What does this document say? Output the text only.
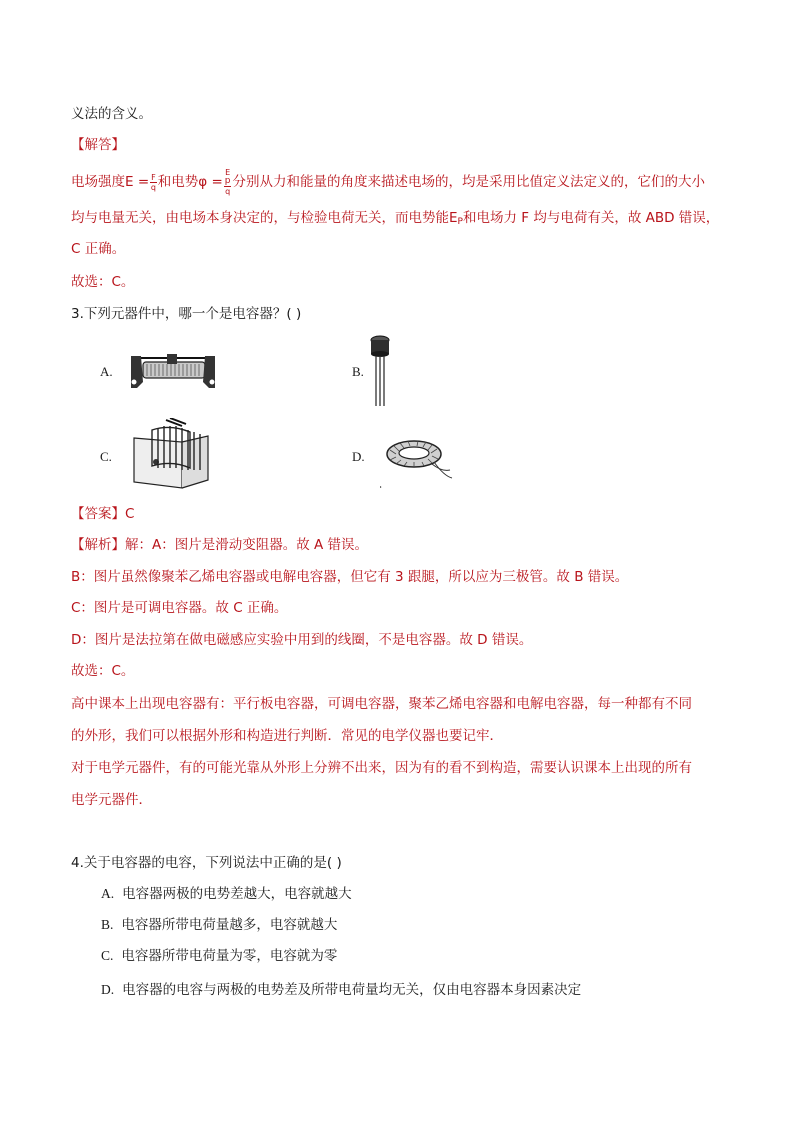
义法的含义。
【解答】
电场强度$E = \frac{F}{q}$ 和电势φ = E
p
q 分别从力和能量的角度来描述电场的，均是采用比值定义法定义的，它们的大小
均与电量无关，由电场本身决定的，与检验电荷无关，而电势能$E_P$和电场力 F 均与电荷有关，故 ABD 错误，
C 正确。
故选：C。
3.下列元器件中，哪一个是电容器？( )
A.	B.
C.	D.
【答案】C
【解析】解：A：图片是滑动变阻器。故 A 错误。
B：图片虽然像聚苯乙烯电容器或电解电容器，但它有 3 跟腿，所以应为三极管。故 B 错误。
C：图片是可调电容器。故 C 正确。
D：图片是法拉第在做电磁感应实验中用到的线圈，不是电容器。故 D 错误。
故选：C。
高中课本上出现电容器有：平行板电容器，可调电容器，聚苯乙烯电容器和电解电容器，每一种都有不同
的外形，我们可以根据外形和构造进行判断．常见的电学仪器也要记牢．
对于电学元器件，有的可能光靠从外形上分辨不出来，因为有的看不到构造，需要认识课本上出现的所有
电学元器件．
4.关于电容器的电容，下列说法中正确的是( )
A. 电容器两极的电势差越大，电容就越大
B. 电容器所带电荷量越多，电容就越大
C. 电容器所带电荷量为零，电容就为零
D. 电容器的电容与两极的电势差及所带电荷量均无关，仅由电容器本身因素决定
